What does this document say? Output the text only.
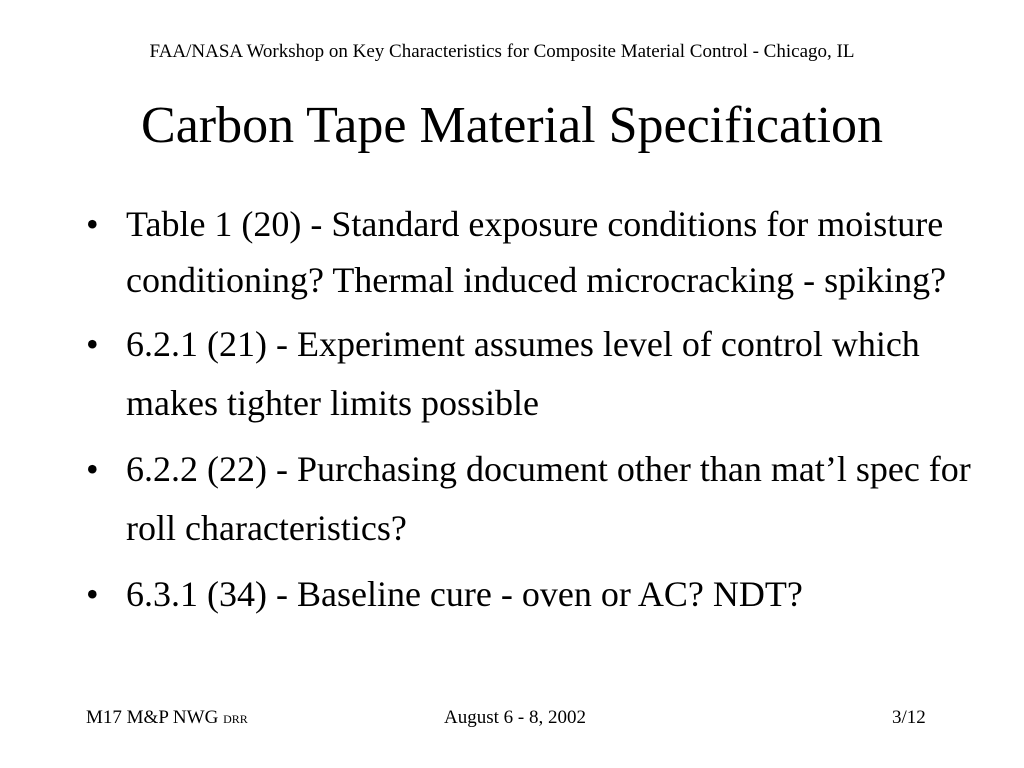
FAA/NASA Workshop on Key Characteristics for Composite Material Control - Chicago, IL
Carbon Tape Material Specification
• Table 1 (20) - Standard exposure conditions for moisture conditioning? Thermal induced microcracking - spiking?
• 6.2.1 (21) - Experiment assumes level of control which makes tighter limits possible
• 6.2.2 (22) - Purchasing document other than mat’l spec for roll characteristics?
• 6.3.1 (34) - Baseline cure - oven or AC? NDT?
M17 M&P NWG DRR	August 6 - 8, 2002	3/12
